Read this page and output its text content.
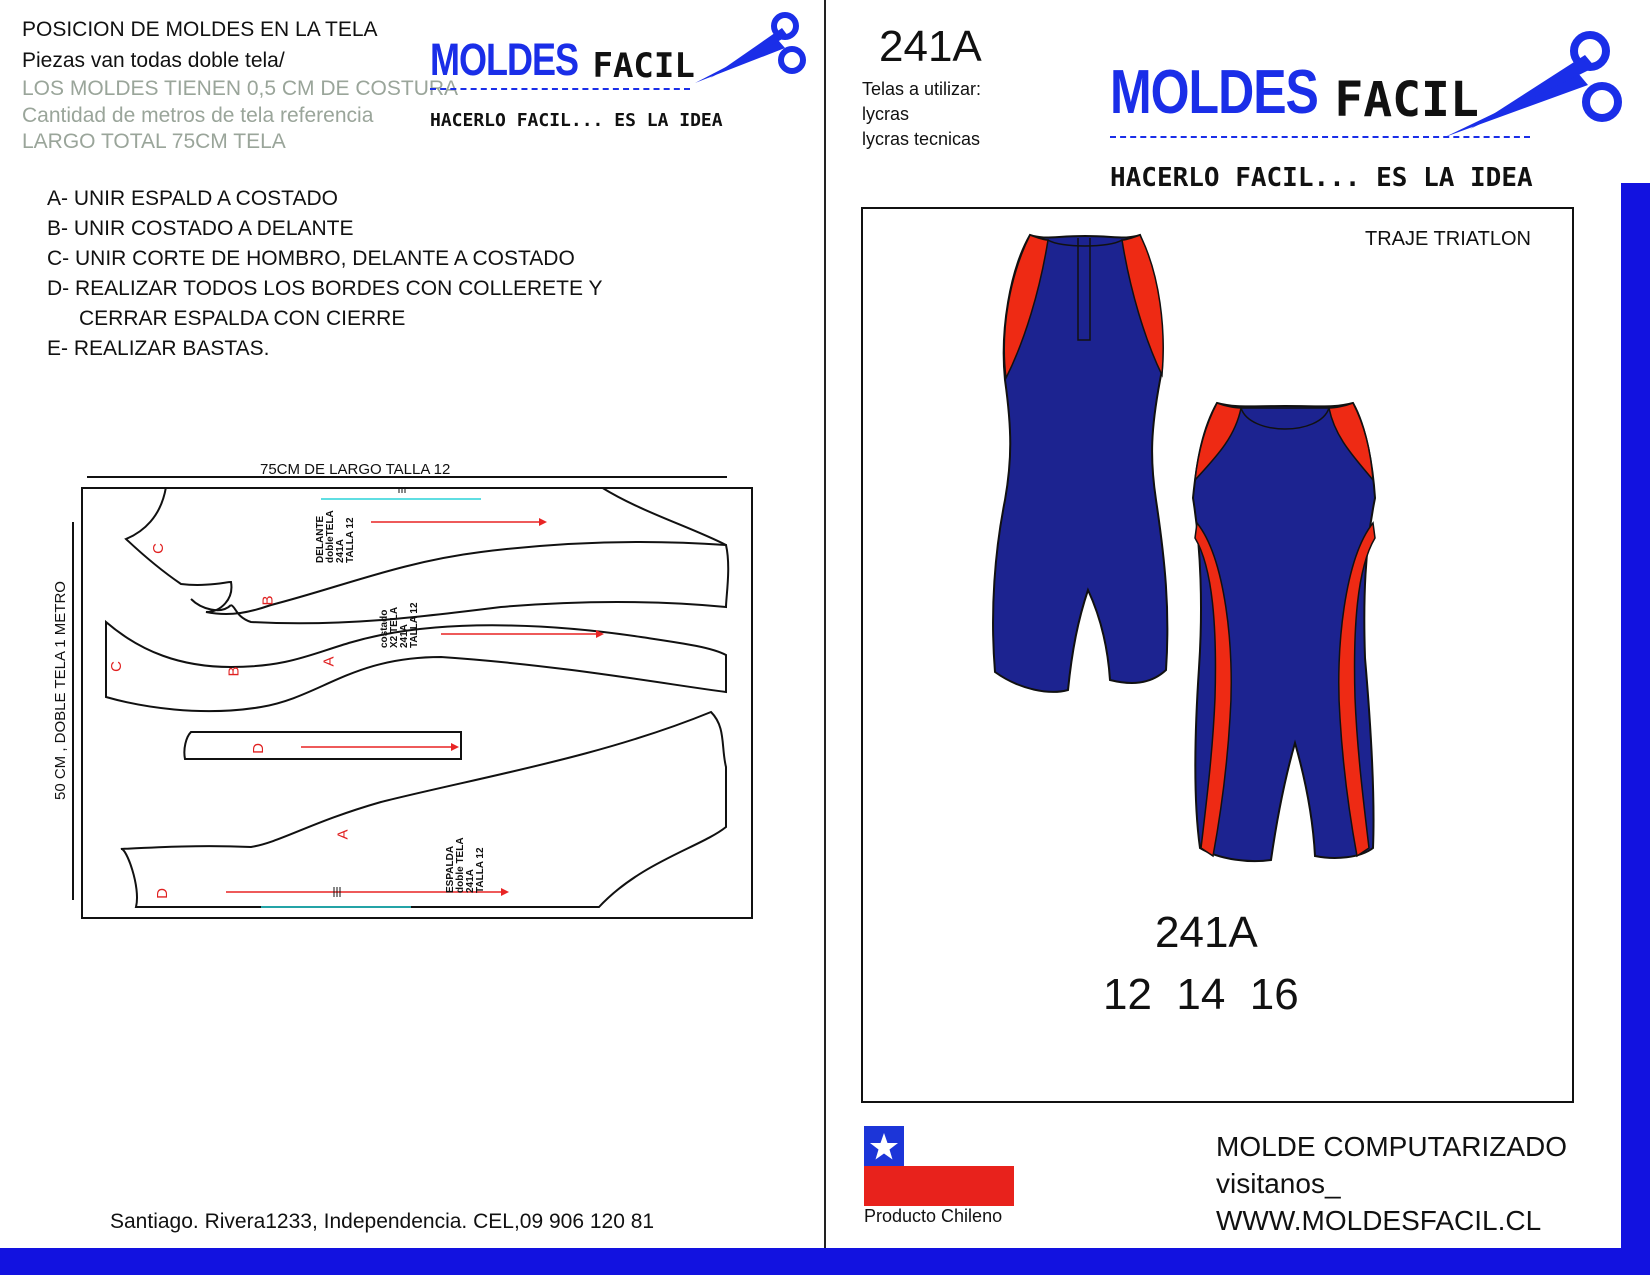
POSICION DE MOLDES EN LA TELA
Piezas van todas doble tela/
LOS MOLDES TIENEN 0,5 CM DE COSTURA
Cantidad de metros de tela referencia
LARGO TOTAL 75CM TELA
MOLDES FACIL
HACERLO FACIL... ES LA IDEA
A- UNIR ESPALD A COSTADO
B- UNIR COSTADO A DELANTE
C- UNIR CORTE DE HOMBRO, DELANTE A COSTADO
D- REALIZAR TODOS LOS BORDES CON COLLERETE Y
CERRAR ESPALDA CON CIERRE
E- REALIZAR BASTAS.
75CM DE LARGO TALLA 12
50 CM , DOBLE TELA 1 METRO
DELANTE dobleTELA 241A TALLA 12
costado X2 TELA 241A TALLA 12
ESPALDA doble TELA 241A TALLA 12
C
B
C	B
A
D
A
D
Santiago. Rivera1233, Independencia. CEL,09 906 120 81
241A
Telas a utilizar:
lycras
lycras tecnicas
MOLDES FACIL
HACERLO FACIL... ES LA IDEA
TRAJE TRIATLON
241A
12  14  16
Producto Chileno
MOLDE COMPUTARIZADO
visitanos_
WWW.MOLDESFACIL.CL
